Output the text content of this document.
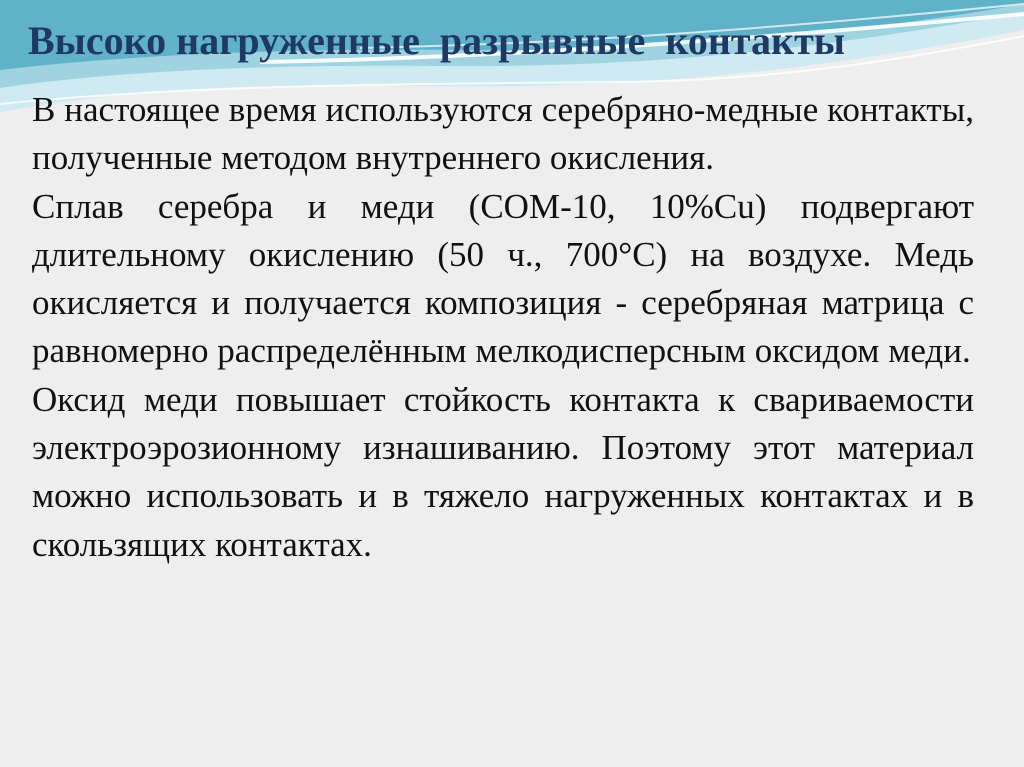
Высоко нагруженные  разрывные  контакты

В настоящее время используются серебряно-медные контакты, полученные методом внутреннего окисления.

Сплав серебра и меди (СОМ-10, 10%Cu) подвергают длительному окислению (50 ч., 700°С) на воздухе. Медь окисляется и получается композиция - серебряная матрица с равномерно распределённым мелкодисперсным оксидом меди.

Оксид меди повышает стойкость контакта к свариваемости электроэрозионному изнашиванию. Поэтому этот материал можно использовать и в тяжело нагруженных контактах и в скользящих контактах.
